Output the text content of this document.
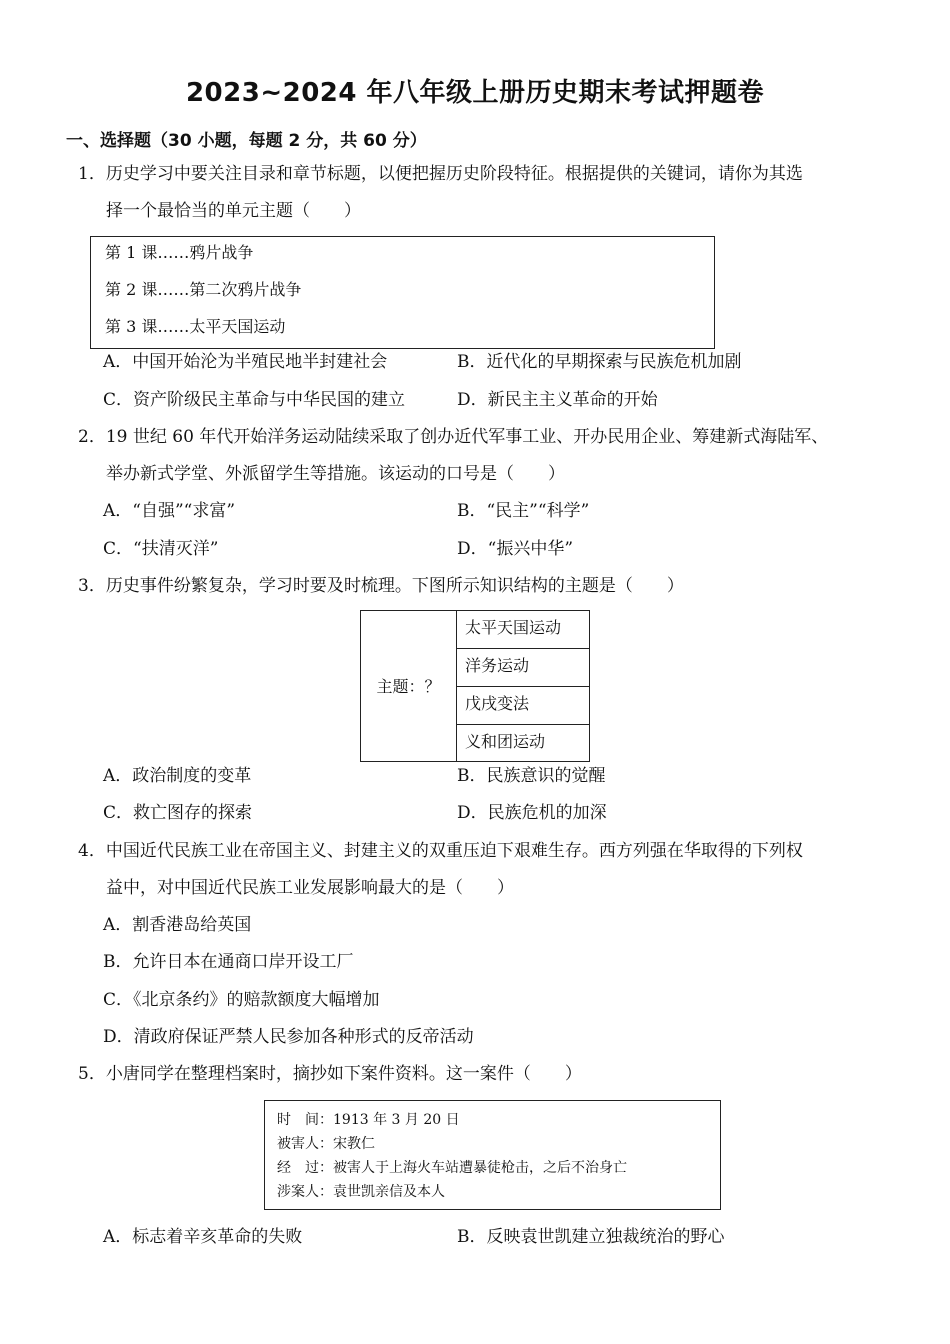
2023~2024 年八年级上册历史期末考试押题卷
一、选择题（30 小题，每题 2 分，共 60 分）
1．历史学习中要关注目录和章节标题，以便把握历史阶段特征。根据提供的关键词，请你为其选
择一个最恰当的单元主题（　　）
第 1 课……鸦片战争
第 2 课……第二次鸦片战争
第 3 课……太平天国运动
A．中国开始沦为半殖民地半封建社会	B．近代化的早期探索与民族危机加剧
C．资产阶级民主革命与中华民国的建立	D．新民主主义革命的开始
2．19 世纪 60 年代开始洋务运动陆续采取了创办近代军事工业、开办民用企业、筹建新式海陆军、
举办新式学堂、外派留学生等措施。该运动的口号是（　　）
A．“自强”“求富”	B．“民主”“科学”
C．“扶清灭洋”	D．“振兴中华”
3．历史事件纷繁复杂，学习时要及时梳理。下图所示知识结构的主题是（　　）
主题：？
太平天国运动
洋务运动
戊戌变法
义和团运动
A．政治制度的变革	B．民族意识的觉醒
C．救亡图存的探索	D．民族危机的加深
4．中国近代民族工业在帝国主义、封建主义的双重压迫下艰难生存。西方列强在华取得的下列权
益中，对中国近代民族工业发展影响最大的是（　　）
A．割香港岛给英国
B．允许日本在通商口岸开设工厂
C．《北京条约》的赔款额度大幅增加
D．清政府保证严禁人民参加各种形式的反帝活动
5．小唐同学在整理档案时，摘抄如下案件资料。这一案件（　　）
时　间：1913 年 3 月 20 日
被害人：宋教仁
经　过：被害人于上海火车站遭暴徒枪击，之后不治身亡
涉案人：袁世凯亲信及本人
A．标志着辛亥革命的失败	B．反映袁世凯建立独裁统治的野心
